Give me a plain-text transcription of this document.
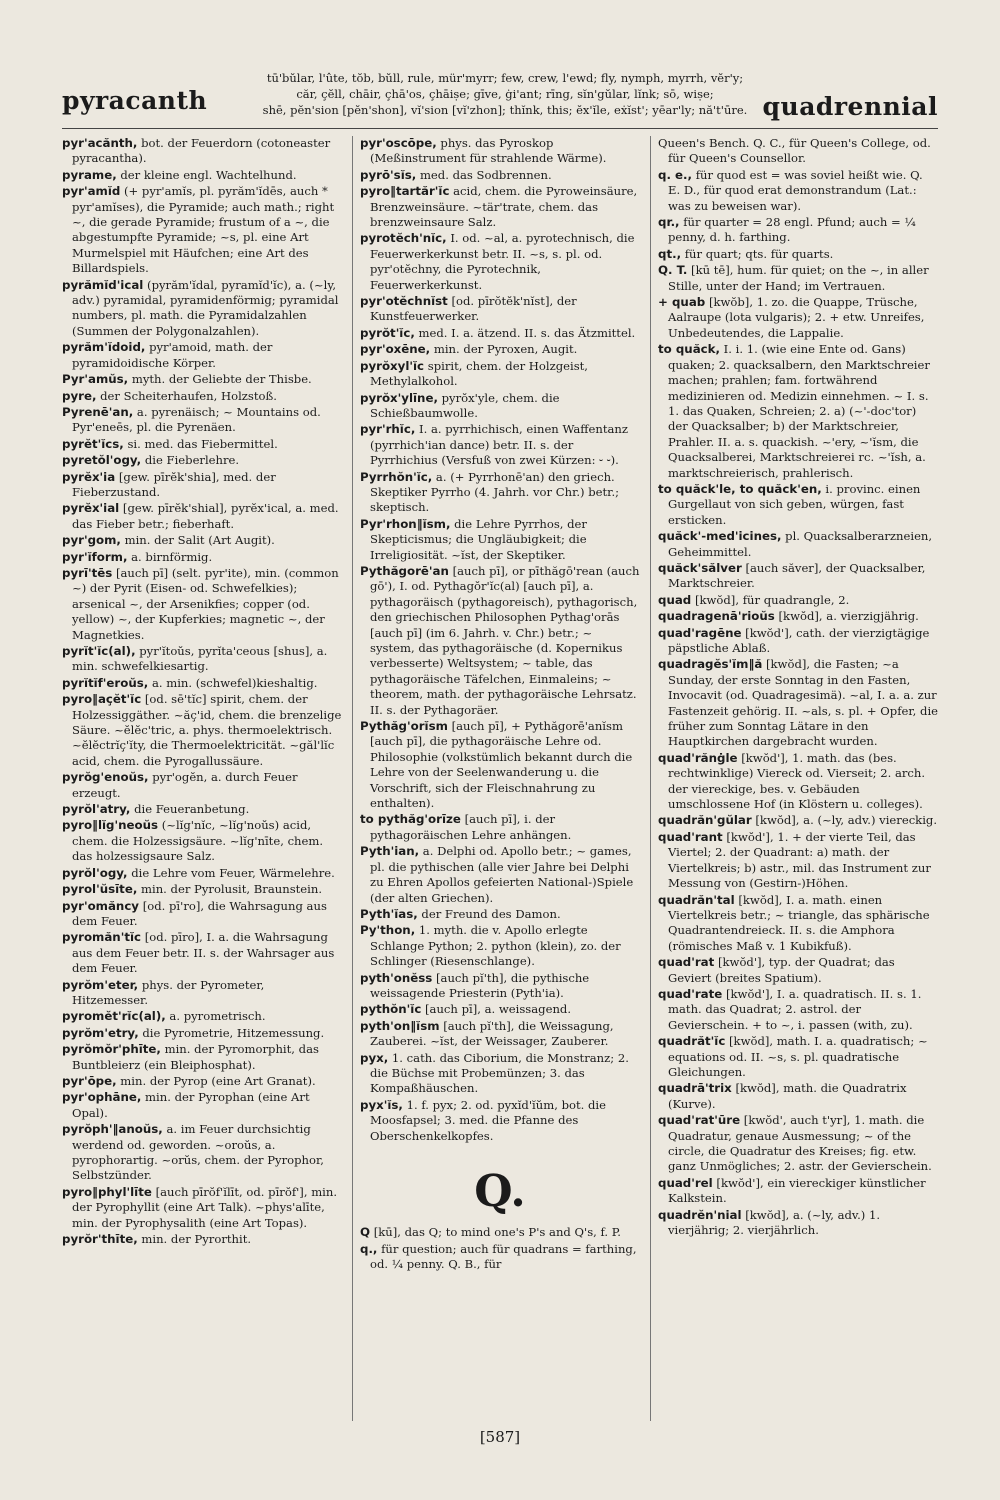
pyracanth
tū'bŭlar, l'ûte, tŏb, bŭll, rule, mür'myrr; few, crew, l'ewd; fly, nymph, myrrh, vĕr'y;
căr, çĕll, chāir, çhā'os, çhāiṣe; gīve, ġi'ant; rīng, sĭn'gŭlar, lĭnk; sō, wiṣe;
shē, pĕn'sion [pĕn'shon], vĭ'sion [vĭ'zhon]; thĭnk, this; ĕx'ĭle, eẋĭst'; yēar'ly; nă't'ūre. quadrennial
pyr'acănth, bot. der Feuerdorn (cotoneaster pyracantha).
pyrame, der kleine engl. Wachtelhund.
pyr'amĭd (+ pyr'amĭs, pl. pyrăm'ĭdēs, auch * pyr'amĭses), die Pyramide; auch math.; right ~, die gerade Pyramide; frustum of a ~, die abgestumpfte Pyramide; ~s, pl. eine Art Murmelspiel mit Häufchen; eine Art des Billardspiels.
pyrămĭd'ical (pyrăm'ĭdal, pyramĭd'ĭc), a. (~ly, adv.) pyramidal, pyramidenförmig; pyramidal numbers, pl. math. die Pyramidalzahlen (Summen der Polygonalzahlen).
pyrăm'ĭdoid, pyr'amoid, math. der pyramidoidische Körper.
Pyr'amŭs, myth. der Geliebte der Thisbe.
pyre, der Scheiterhaufen, Holzstoß.
Pyrenē'an, a. pyrenäisch; ~ Mountains od. Pyr'eneēs, pl. die Pyrenäen.
pyrĕt'ĭcs, si. med. das Fiebermittel.
pyretŏl'ogy, die Fieberlehre.
pyrĕx'ia [gew. pīrĕk'shia], med. der Fieberzustand.
pyrĕx'ial [gew. pīrĕk'shial], pyrĕx'ical, a. med. das Fieber betr.; fieberhaft.
pyr'gom, min. der Salit (Art Augit).
pyr'ĭform, a. birnförmig.
pyrī'tēs [auch pī] (selt. pyr'ite), min. (common ~) der Pyrit (Eisen- od. Schwefelkies); arsenical ~, der Arsenikfies; copper (od. yellow) ~, der Kupferkies; magnetic ~, der Magnetkies.
pyrĭt'ĭc(al), pyr'ĭtoŭs, pyrĭta'ceous [shus], a. min. schwefelkiesartig.
pyrĭtĭf'eroŭs, a. min. (schwefel)kieshaltig.
pyro‖açĕt'ĭc [od. sē'tĭc] spirit, chem. der Holzessiggäther. ~ăç'id, chem. die brenzelige Säure. ~ĕlĕc'tric, a. phys. thermoelektrisch. ~ĕlĕctrĭç'ĭty, die Thermoelektricität. ~găl'lĭc acid, chem. die Pyrogallussäure.
pyrŏg'enoŭs, pyr'ogĕn, a. durch Feuer erzeugt.
pyrŏl'atry, die Feueranbetung.
pyro‖lĭg'neoŭs (~lĭg'nĭc, ~lĭg'noŭs) acid, chem. die Holzessigsäure. ~lĭg'nīte, chem. das holzessigsaure Salz.
pyrŏl'ogy, die Lehre vom Feuer, Wärmelehre.
pyrol'ŭsīte, min. der Pyrolusit, Braunstein.
pyr'omăncy [od. pī'ro], die Wahrsagung aus dem Feuer.
pyromăn'tĭc [od. pīro], I. a. die Wahrsagung aus dem Feuer betr. II. s. der Wahrsager aus dem Feuer.
pyrŏm'eter, phys. der Pyrometer, Hitzemesser.
pyromĕt'rĭc(al), a. pyrometrisch.
pyrŏm'etry, die Pyrometrie, Hitzemessung.
pyrŏmŏr'phīte, min. der Pyromorphit, das Buntbleierz (ein Bleiphosphat).
pyr'ōpe, min. der Pyrop (eine Art Granat).
pyr'ophāne, min. der Pyrophan (eine Art Opal).
pyrŏph'‖anoŭs, a. im Feuer durchsichtig werdend od. geworden. ~oroŭs, a. pyrophorartig. ~orŭs, chem. der Pyrophor, Selbstzünder.
pyro‖phyl'līte [auch pīrŏf'ĭlīt, od. pīrŏf'], min. der Pyrophyllit (eine Art Talk). ~phys'alīte, min. der Pyrophysalith (eine Art Topas).
pyrŏr'thīte, min. der Pyrorthit.
pyr'oscōpe, phys. das Pyroskop (Meßinstrument für strahlende Wärme).
pyrō'sĭs, med. das Sodbrennen.
pyro‖tartăr'ĭc acid, chem. die Pyroweinsäure, Brenzweinsäure. ~tär'trate, chem. das brenzweinsaure Salz.
pyrotĕch'nĭc, I. od. ~al, a. pyrotechnisch, die Feuerwerkerkunst betr. II. ~s, s. pl. od. pyr'otĕchny, die Pyrotechnik, Feuerwerkerkunst.
pyr'otĕchnĭst [od. pīrŏtĕk'nĭst], der Kunstfeuerwerker.
pyrŏt'ĭc, med. I. a. ätzend. II. s. das Ätzmittel.
pyr'oxēne, min. der Pyroxen, Augit.
pyrŏxyl'ĭc spirit, chem. der Holzgeist, Methylalkohol.
pyrŏx'ylīne, pyrŏx'yle, chem. die Schießbaumwolle.
pyr'rhĭc, I. a. pyrrhichisch, einen Waffentanz (pyrrhich'ian dance) betr. II. s. der Pyrrhichius (Versfuß von zwei Kürzen: ⏑ ⏑).
Pyrrhŏn'ĭc, a. (+ Pyrrhonē'an) den griech. Skeptiker Pyrrho (4. Jahrh. vor Chr.) betr.; skeptisch.
Pyr'rhon‖ĭsm, die Lehre Pyrrhos, der Skepticismus; die Ungläubigkeit; die Irreligiosität. ~ĭst, der Skeptiker.
Pythăgorē'an [auch pī], or pīthăgō'rean (auch gō'), I. od. Pythagŏr'ĭc(al) [auch pī], a. pythagoräisch (pythagoreisch), pythagorisch, den griechischen Philosophen Pythag'orās [auch pī] (im 6. Jahrh. v. Chr.) betr.; ~ system, das pythagoräische (d. Kopernikus verbesserte) Weltsystem; ~ table, das pythagoräische Täfelchen, Einmaleins; ~ theorem, math. der pythagoräische Lehrsatz. II. s. der Pythagoräer.
Pythăg'orĭsm [auch pī], + Pythăgorē'anĭsm [auch pī], die pythagoräische Lehre od. Philosophie (volkstümlich bekannt durch die Lehre von der Seelenwanderung u. die Vorschrift, sich der Fleischnahrung zu enthalten).
to pythăg'orīze [auch pī], i. der pythagoräischen Lehre anhängen.
Pyth'ian, a. Delphi od. Apollo betr.; ~ games, pl. die pythischen (alle vier Jahre bei Delphi zu Ehren Apollos gefeierten National-)Spiele (der alten Griechen).
Pyth'ĭas, der Freund des Damon.
Py'thon, 1. myth. die v. Apollo erlegte Schlange Python; 2. python (klein), zo. der Schlinger (Riesenschlange).
pyth'onĕss [auch pĭ'th], die pythische weissagende Priesterin (Pyth'ia).
pythŏn'ĭc [auch pī], a. weissagend.
pyth'on‖ĭsm [auch pĭ'th], die Weissagung, Zauberei. ~ĭst, der Weissager, Zauberer.
pyx, 1. cath. das Ciborium, die Monstranz; 2. die Büchse mit Probemünzen; 3. das Kompaßhäuschen.
pyx'ĭs, 1. f. pyx; 2. od. pyxĭd'ĭŭm, bot. die Moosfapsel; 3. med. die Pfanne des Oberschenkelkopfes.
Q.
Q [kū], das Q; to mind one's P's and Q's, f. P.
q., für question; auch für quadrans = farthing, od. ¼ penny. Q. B., für
Queen's Bench. Q. C., für Queen's College, od. für Queen's Counsellor.
q. e., für quod est = was soviel heißt wie. Q. E. D., für quod erat demonstrandum (Lat.: was zu beweisen war).
qr., für quarter = 28 engl. Pfund; auch = ¼ penny, d. h. farthing.
qt., für quart; qts. für quarts.
Q. T. [kū tē], hum. für quiet; on the ~, in aller Stille, unter der Hand; im Vertrauen.
+ quab [kwŏb], 1. zo. die Quappe, Trüsche, Aalraupe (lota vulgaris); 2. + etw. Unreifes, Unbedeutendes, die Lappalie.
to quăck, I. i. 1. (wie eine Ente od. Gans) quaken; 2. quacksalbern, den Marktschreier machen; prahlen; fam. fortwährend medizinieren od. Medizin einnehmen. ~ I. s. 1. das Quaken, Schreien; 2. a) (~'-doc'tor) der Quacksalber; b) der Marktschreier, Prahler. II. a. s. quackish. ~'ery, ~'ĭsm, die Quacksalberei, Marktschreierei rc. ~'ĭsh, a. marktschreierisch, prahlerisch.
to quăck'le, to quăck'en, i. provinc. einen Gurgellaut von sich geben, würgen, fast ersticken.
quăck'-med'icines, pl. Quacksalberarzneien, Geheimmittel.
quăck'sălver [auch săver], der Quacksalber, Marktschreier.
quad [kwŏd], für quadrangle, 2.
quadragenā'rioŭs [kwŏd], a. vierzigjährig.
quad'ragēne [kwŏd'], cath. der vierzigtägige päpstliche Ablaß.
quadragĕs'ĭm‖ă [kwŏd], die Fasten; ~a Sunday, der erste Sonntag in den Fasten, Invocavit (od. Quadragesimä). ~al, I. a. a. zur Fastenzeit gehörig. II. ~als, s. pl. + Opfer, die früher zum Sonntag Lätare in den Hauptkirchen dargebracht wurden.
quad'rănġle [kwŏd'], 1. math. das (bes. rechtwinklige) Viereck od. Vierseit; 2. arch. der viereckige, bes. v. Gebäuden umschlossene Hof (in Klöstern u. colleges).
quadrăn'gŭlar [kwŏd], a. (~ly, adv.) viereckig.
quad'rant [kwŏd'], 1. + der vierte Teil, das Viertel; 2. der Quadrant: a) math. der Viertelkreis; b) astr., mil. das Instrument zur Messung von (Gestirn-)Höhen.
quadrăn'tal [kwŏd], I. a. math. einen Viertelkreis betr.; ~ triangle, das sphärische Quadrantendreieck. II. s. die Amphora (römisches Maß v. 1 Kubikfuß).
quad'rat [kwŏd'], typ. der Quadrat; das Geviert (breites Spatium).
quad'rate [kwŏd'], I. a. quadratisch. II. s. 1. math. das Quadrat; 2. astrol. der Gevierschein. + to ~, i. passen (with, zu).
quadrăt'ĭc [kwŏd], math. I. a. quadratisch; ~ equations od. II. ~s, s. pl. quadratische Gleichungen.
quadrā'trix [kwŏd], math. die Quadratrix (Kurve).
quad'rat'ūre [kwŏd', auch t'yr], 1. math. die Quadratur, genaue Ausmessung; ~ of the circle, die Quadratur des Kreises; fig. etw. ganz Unmögliches; 2. astr. der Gevierschein.
quad'rel [kwŏd'], ein viereckiger künstlicher Kalkstein.
quadrĕn'nial [kwŏd], a. (~ly, adv.) 1. vierjährig; 2. vierjährlich.
[587]
